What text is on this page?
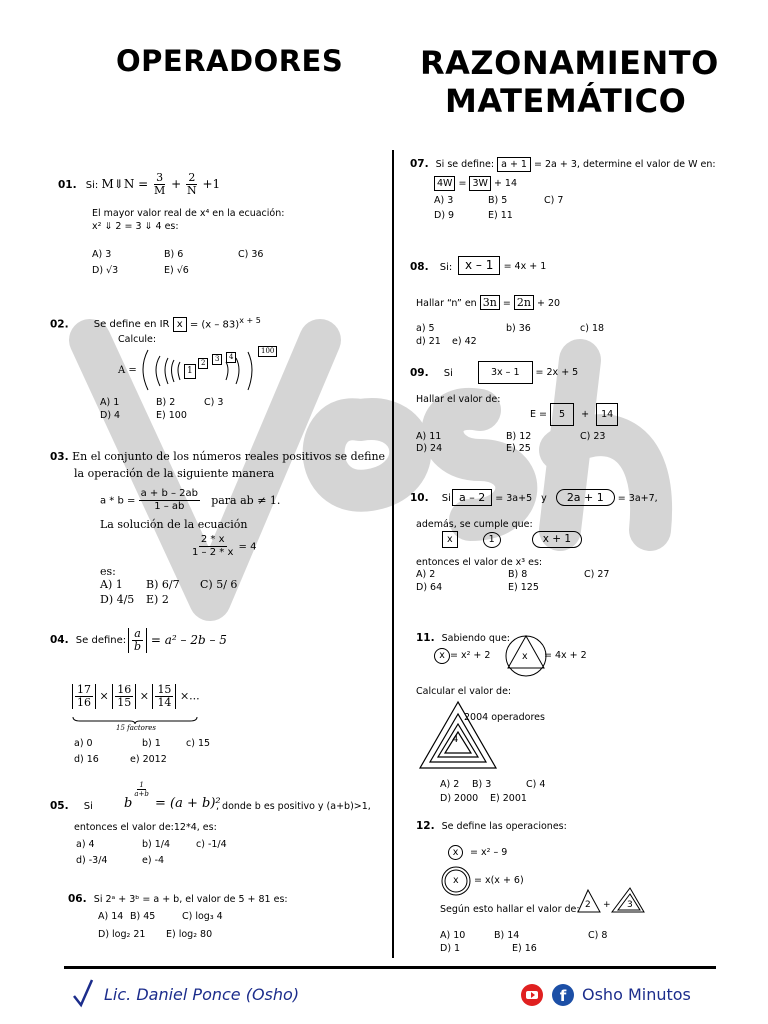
OPERADORES RAZONAMIENTO
MATEMÁTICO
01. Si: M⇓N = $\frac{3}{M} + \frac{2}{N} +1$
El mayor valor real de x⁴ en la ecuación:
x² ⇓ 2 = 3 ⇓ 4 es:
A) 3	B) 6	C) 36
D) √3	E) √6
02.	Se define en IR x = (x – 83)$^{x + 5}$
Calcule:
A =	1
2	3	4
100
A) 1	B) 2	C) 3
D) 4	E) 100
03. En el conjunto de los números reales positivos se define
la operación de la siguiente manera
$a * b = \frac{a + b - 2ab}{1 - ab}$ para ab ≠ 1.
La solución de la ecuación
$\frac{2 * x}{1 - 2 * x} = 4$
es:
A) 1 B) 6/7 C) 5/ 6
D) 4/5 E) 2
04. Se define: $\frac{a}{b} = a^2 - 2b - 5$
$\frac{17}{16} \times \frac{16}{15} \times \frac{15}{14}$ ×...
15 factores
a) 0	b) 1	c) 15
d) 16	e) 2012
05. Si b
$\frac{1}{a+b}$
= (a + b)²
, donde b es positivo y (a+b)>1,
entonces el valor de:12*4, es:
a) 4	b) 1/4	c) -1/4
d) -3/4	e) -4
06. Si 2ᵃ + 3ᵇ = a + b, el valor de 5 + 81 es:
A) 14 B) 45	C) log₃ 4
D) log₂ 21 E) log₂ 80
07. Si se define: a + 1 = 2a + 3, determine el valor de W en:
4W = 3W + 14
A) 3	B) 5	C) 7
D) 9	E) 11
08. Si:	x – 1 = 4x + 1
Hallar “n” en 3n = 2n + 20
a) 5	b) 36	c) 18
d) 21 e) 42
09. Si	3x – 1 = 2x + 5
Hallar el valor de:
E = 5 + 14
A) 11	B) 12	C) 23
D) 24	E) 25
10. Si a – 2 = 3a+5 y 2a + 1 = 3a+7,
además, se cumple que:
x	1	x + 1
entonces el valor de x³ es:
A) 2	B) 8	C) 27
D) 64	E) 125
11. Sabiendo que:
x = x² + 2	x = 4x + 2
Calcular el valor de:
4
2004 operadores
A) 2 B) 3	C) 4
D) 2000 E) 2001
12. Se define las operaciones:
x = x² – 9
x = x(x + 6)
Según esto hallar el valor de: 2 + 3
A) 10	B) 14	C) 8
D) 1	E) 16
Lic. Daniel Ponce (Osho)	f Osho Minutos
